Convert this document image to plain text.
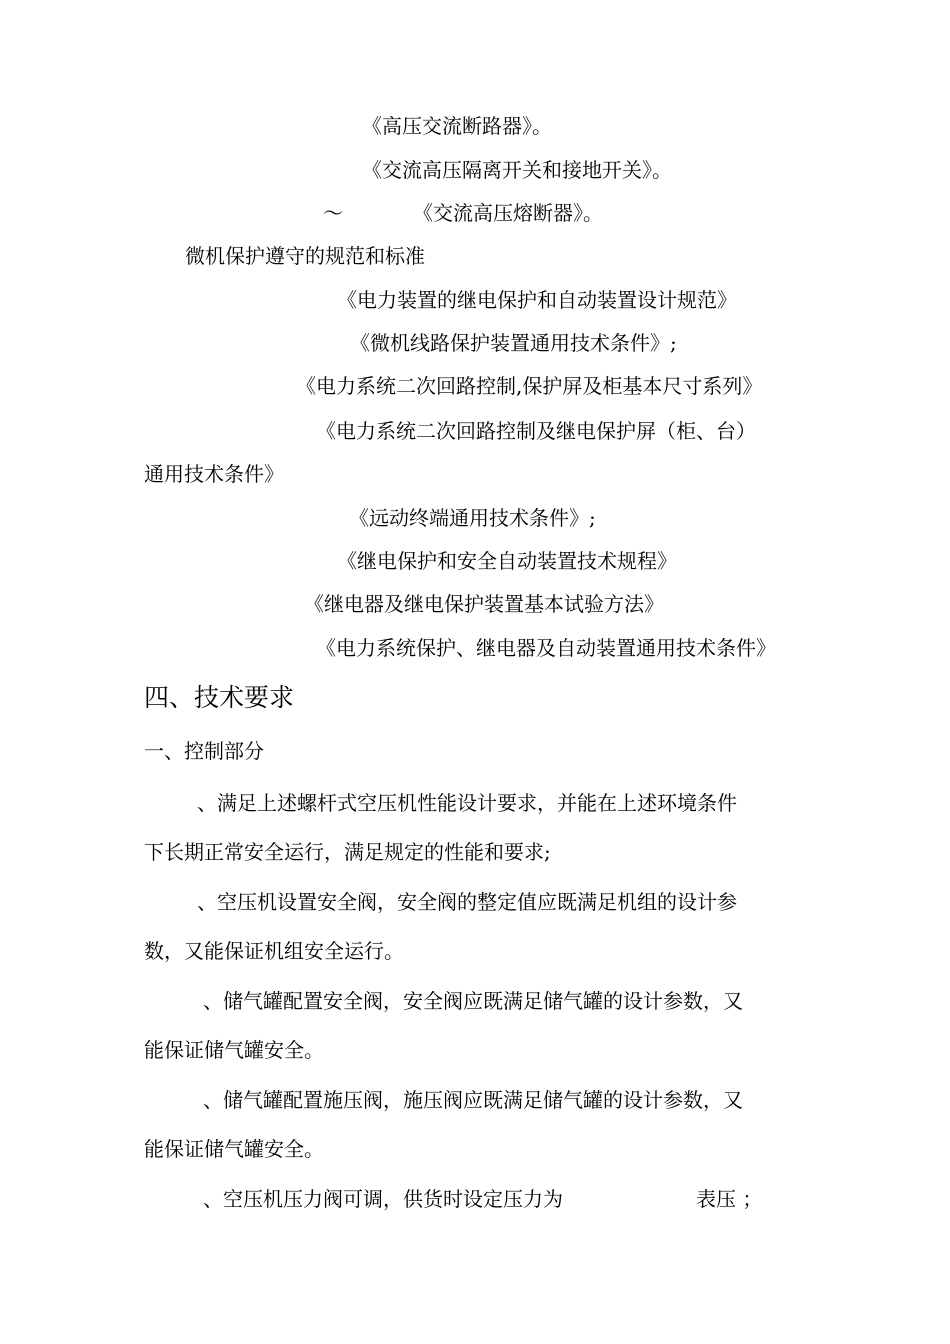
《高压交流断路器》。
《交流高压隔离开关和接地开关》。
～	《交流高压熔断器》。
微机保护遵守的规范和标准
《电力装置的继电保护和自动装置设计规范》
《微机线路保护装置通用技术条件》;
《电力系统二次回路控制,保护屏及柜基本尺寸系列》
《电力系统二次回路控制及继电保护屏（柜、台）
通用技术条件》
《远动终端通用技术条件》;
《继电保护和安全自动装置技术规程》
《继电器及继电保护装置基本试验方法》
《电力系统保护、继电器及自动装置通用技术条件》
四、技术要求
一、控制部分
、满足上述螺杆式空压机性能设计要求，并能在上述环境条件
下长期正常安全运行，满足规定的性能和要求;
、空压机设置安全阀，安全阀的整定值应既满足机组的设计参
数，又能保证机组安全运行。
、储气罐配置安全阀，安全阀应既满足储气罐的设计参数，又
能保证储气罐安全。
、储气罐配置施压阀，施压阀应既满足储气罐的设计参数，又
能保证储气罐安全。
、空压机压力阀可调，供货时设定压力为	表压 ；
